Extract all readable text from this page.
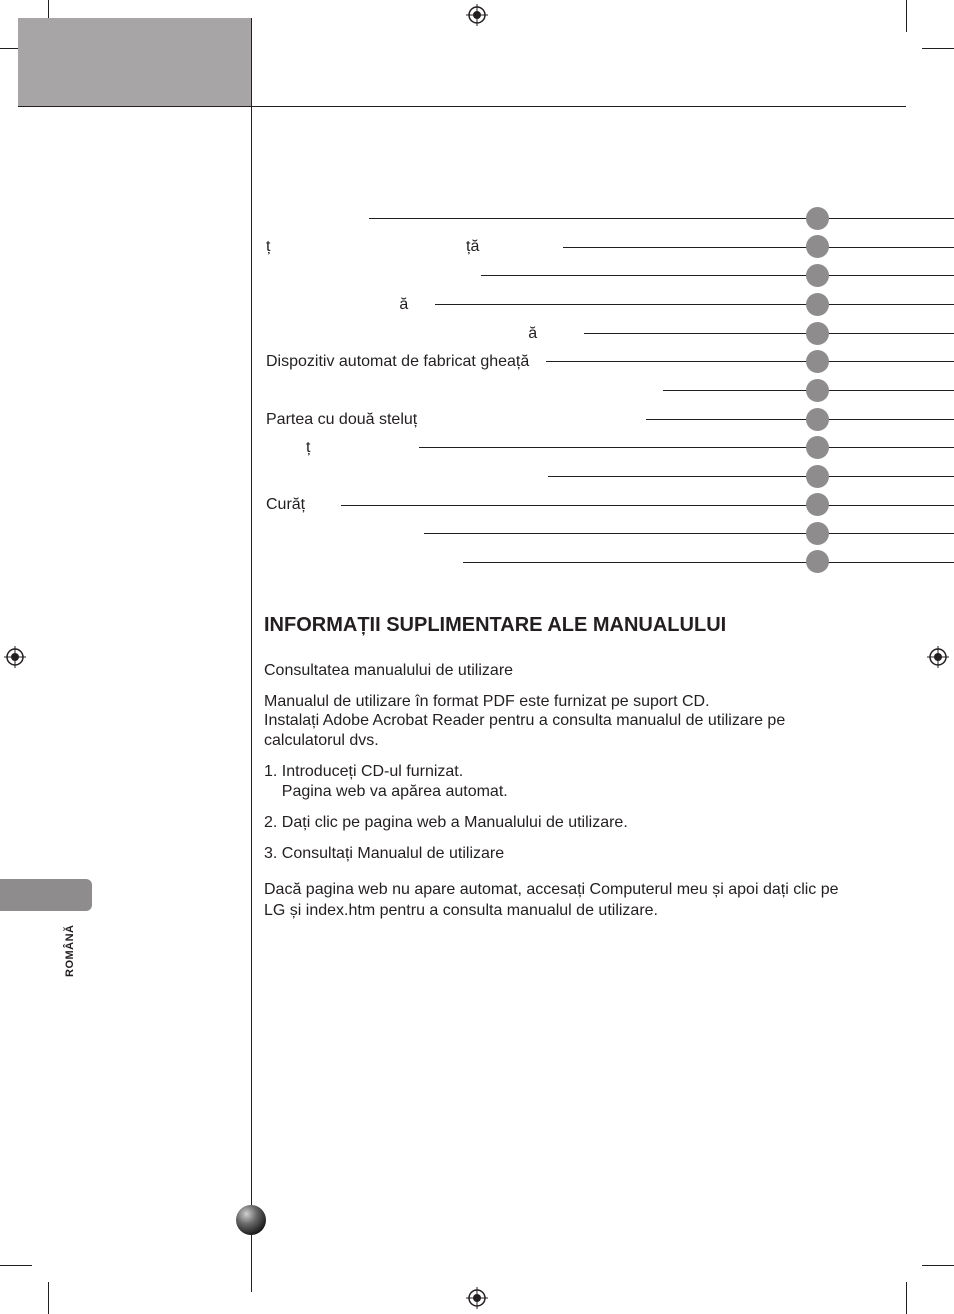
ț                                            ță
ă
ă
Dispozitiv automat de fabricat gheață
Partea cu două steluț
ț
Curăț
INFORMAȚII SUPLIMENTARE ALE MANUALULUI
Consultatea manualului de utilizare
Manualul de utilizare în format PDF este furnizat pe suport CD.
Instalați Adobe Acrobat Reader pentru a consulta manualul de utilizare pe
calculatorul dvs.
1. Introduceți CD-ul furnizat.
Pagina web va apărea automat.
2. Dați clic pe pagina web a Manualului de utilizare.
3. Consultați Manualul de utilizare
Dacă pagina web nu apare automat, accesați Computerul meu și apoi dați clic pe
LG și index.htm pentru a consulta manualul de utilizare.
ROMÂNĂ
